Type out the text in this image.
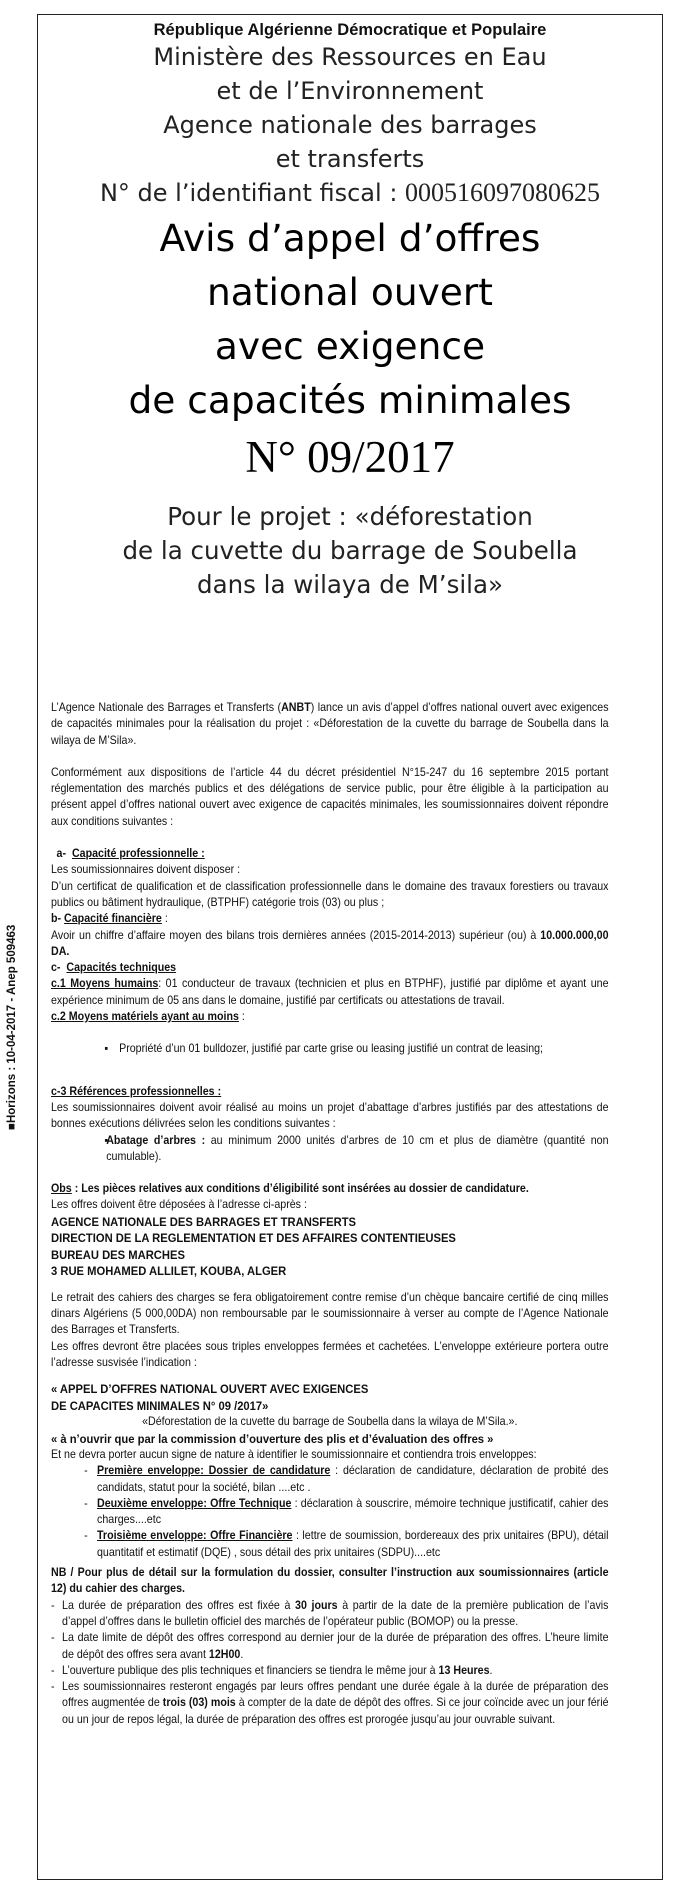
■Horizons : 10-04-2017 - Anep 509463
République Algérienne Démocratique et Populaire
Ministère des Ressources en Eau
et de l’Environnement
Agence nationale des barrages
et transferts
N° de l’identifiant fiscal : 000516097080625
Avis d’appel d’offres
national ouvert
avec exigence
de capacités minimales
N° 09/2017
Pour le projet : «déforestation
de la cuvette du barrage de Soubella
dans la wilaya de M’sila»

L’Agence Nationale des Barrages et Transferts (ANBT) lance un avis d’appel d’offres national ouvert avec exigences de capacités minimales pour la réalisation du projet : «Déforestation de la cuvette du barrage de Soubella dans la wilaya de M’Sila».

Conformément aux dispositions de l’article 44 du décret présidentiel N°15-247 du 16 septembre 2015 portant réglementation des marchés publics et des délégations de service public, pour être éligible à la participation au présent appel d’offres national ouvert avec exigence de capacités minimales, les soumissionnaires doivent répondre aux conditions suivantes :

a- Capacité professionnelle :

Les soumissionnaires doivent disposer :

D’un certificat de qualification et de classification professionnelle dans le domaine des travaux forestiers ou travaux publics ou bâtiment hydraulique, (BTPHF) catégorie trois (03) ou plus ;

b- Capacité financière :

Avoir un chiffre d’affaire moyen des bilans trois dernières années (2015-2014-2013) supérieur (ou) à 10.000.000,00 DA.

c- Capacités techniques

c.1 Moyens humains: 01 conducteur de travaux (technicien et plus en BTPHF), justifié par diplôme et ayant une expérience minimum de 05 ans dans le domaine, justifié par certificats ou attestations de travail.

c.2 Moyens matériels ayant au moins :

▪ Propriété d’un 01 bulldozer, justifié par carte grise ou leasing justifié un contrat de leasing;

c-3 Références professionnelles :

Les soumissionnaires doivent avoir réalisé au moins un projet d’abattage d’arbres justifiés par des attestations de bonnes exécutions délivrées selon les conditions suivantes :

▪ Abatage d’arbres : au minimum 2000 unités d’arbres de 10 cm et plus de diamètre (quantité non cumulable).

Obs : Les pièces relatives aux conditions d’éligibilité sont insérées au dossier de candidature.

Les offres doivent être déposées à l’adresse ci-après :

AGENCE NATIONALE DES BARRAGES ET TRANSFERTS

DIRECTION DE LA REGLEMENTATION ET DES AFFAIRES CONTENTIEUSES

BUREAU DES MARCHES

3 RUE MOHAMED ALLILET, KOUBA, ALGER

Le retrait des cahiers des charges se fera obligatoirement contre remise d’un chèque bancaire certifié de cinq milles dinars Algériens (5 000,00DA) non remboursable par le soumissionnaire à verser au compte de l’Agence Nationale des Barrages et Transferts.

Les offres devront être placées sous triples enveloppes fermées et cachetées. L’enveloppe extérieure portera outre l’adresse susvisée l’indication :

« APPEL D’OFFRES NATIONAL OUVERT AVEC EXIGENCES

DE CAPACITES MINIMALES N° 09 /2017»

«Déforestation de la cuvette du barrage de Soubella dans la wilaya de M’Sila.».

« à n’ouvrir que par la commission d’ouverture des plis et d’évaluation des offres »

Et ne devra porter aucun signe de nature à identifier le soumissionnaire et contiendra trois enveloppes:

- Première enveloppe: Dossier de candidature : déclaration de candidature, déclaration de probité des candidats, statut pour la société, bilan ....etc .

- Deuxième enveloppe: Offre Technique : déclaration à souscrire, mémoire technique justificatif, cahier des charges....etc

- Troisième enveloppe: Offre Financière : lettre de soumission, bordereaux des prix unitaires (BPU), détail quantitatif et estimatif (DQE) , sous détail des prix unitaires (SDPU)....etc

NB / Pour plus de détail sur la formulation du dossier, consulter l’instruction aux soumissionnaires (article 12) du cahier des charges.

- La durée de préparation des offres est fixée à 30 jours à partir de la date de la première publication de l’avis d’appel d’offres dans le bulletin officiel des marchés de l’opérateur public (BOMOP) ou la presse.

- La date limite de dépôt des offres correspond au dernier jour de la durée de préparation des offres. L’heure limite de dépôt des offres sera avant 12H00.

- L’ouverture publique des plis techniques et financiers se tiendra le même jour à 13 Heures.

- Les soumissionnaires resteront engagés par leurs offres pendant une durée égale à la durée de préparation des offres augmentée de trois (03) mois à compter de la date de dépôt des offres. Si ce jour coïncide avec un jour férié ou un jour de repos légal, la durée de préparation des offres est prorogée jusqu’au jour ouvrable suivant.
